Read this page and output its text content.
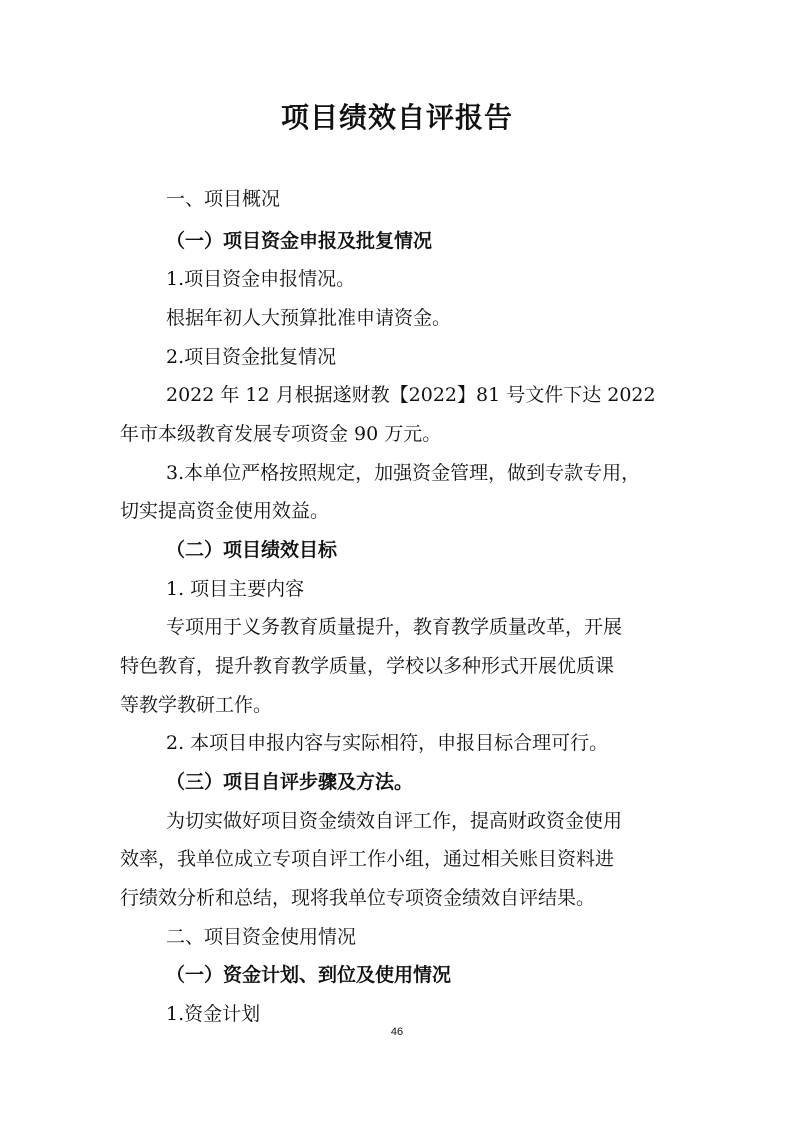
项目绩效自评报告
一、项目概况
（一）项目资金申报及批复情况
1.项目资金申报情况。
根据年初人大预算批准申请资金。
2.项目资金批复情况
2022 年 12 月根据遂财教【2022】81 号文件下达 2022
年市本级教育发展专项资金 90 万元。
3.本单位严格按照规定，加强资金管理，做到专款专用，
切实提高资金使用效益。
（二）项目绩效目标
1. 项目主要内容
专项用于义务教育质量提升，教育教学质量改革，开展
特色教育，提升教育教学质量，学校以多种形式开展优质课
等教学教研工作。
2. 本项目申报内容与实际相符，申报目标合理可行。
（三）项目自评步骤及方法。
为切实做好项目资金绩效自评工作，提高财政资金使用
效率，我单位成立专项自评工作小组，通过相关账目资料进
行绩效分析和总结，现将我单位专项资金绩效自评结果。
二、项目资金使用情况
（一）资金计划、到位及使用情况
1.资金计划
46
